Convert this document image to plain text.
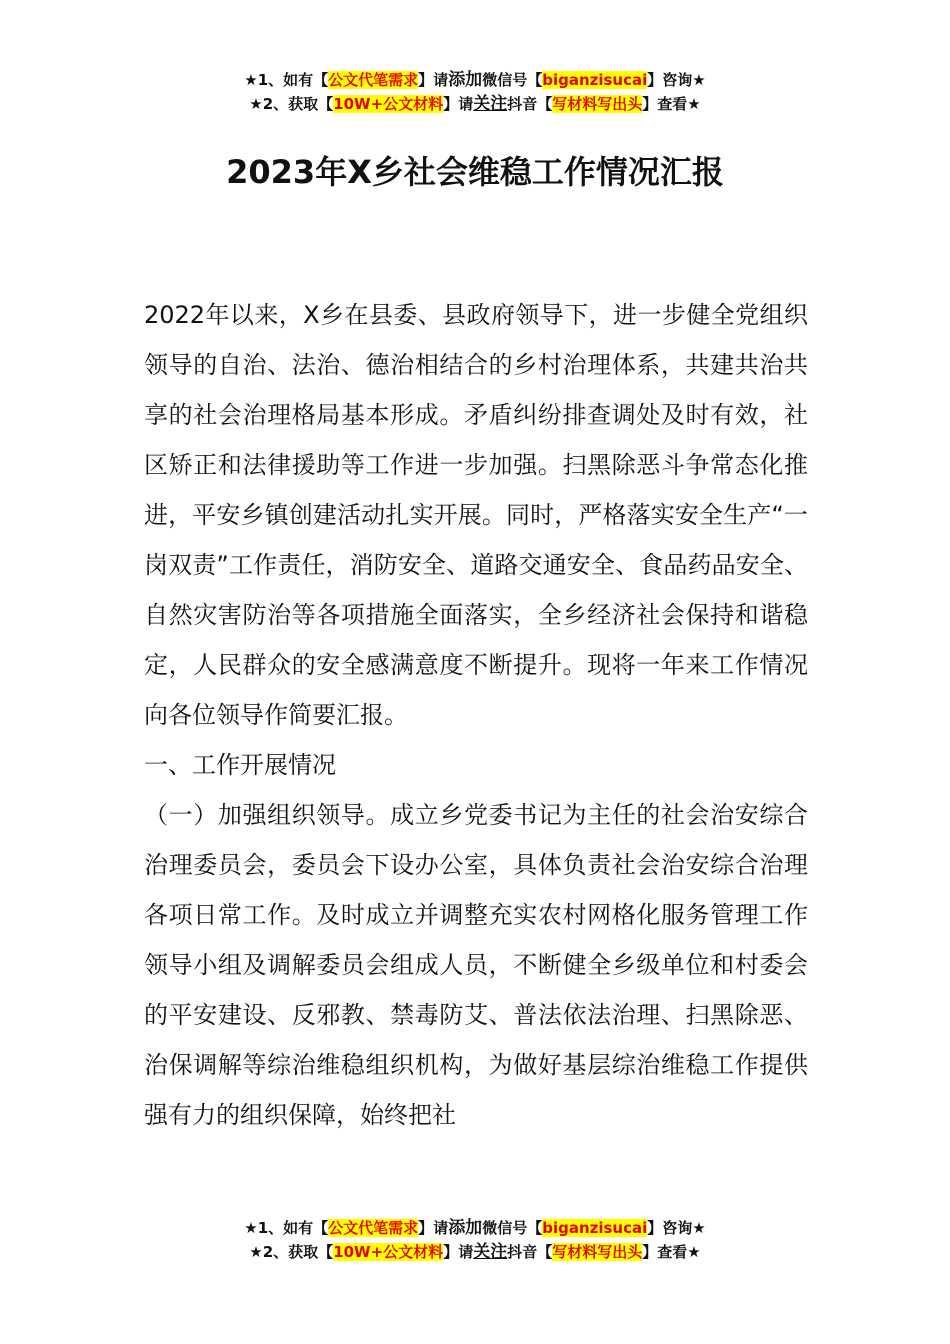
★1、如有【公文代笔需求】请添加微信号【biganzisucai】咨询★
★2、获取【10W+公文材料】请关注抖音【写材料写出头】查看★
2023年X乡社会维稳工作情况汇报

2022年以来，X乡在县委、县政府领导下，进一步健全党组织领导的自治、法治、德治相结合的乡村治理体系，共建共治共享的社会治理格局基本形成。矛盾纠纷排查调处及时有效，社区矫正和法律援助等工作进一步加强。扫黑除恶斗争常态化推进，平安乡镇创建活动扎实开展。同时，严格落实安全生产“一岗双责”工作责任，消防安全、道路交通安全、食品药品安全、自然灾害防治等各项措施全面落实，全乡经济社会保持和谐稳定，人民群众的安全感满意度不断提升。现将一年来工作情况向各位领导作简要汇报。

一、工作开展情况

（一）加强组织领导。成立乡党委书记为主任的社会治安综合治理委员会，委员会下设办公室，具体负责社会治安综合治理各项日常工作。及时成立并调整充实农村网格化服务管理工作领导小组及调解委员会组成人员，不断健全乡级单位和村委会的平安建设、反邪教、禁毒防艾、普法依法治理、扫黑除恶、治保调解等综治维稳组织机构，为做好基层综治维稳工作提供强有力的组织保障，始终把社

★1、如有【公文代笔需求】请添加微信号【biganzisucai】咨询★
★2、获取【10W+公文材料】请关注抖音【写材料写出头】查看★
